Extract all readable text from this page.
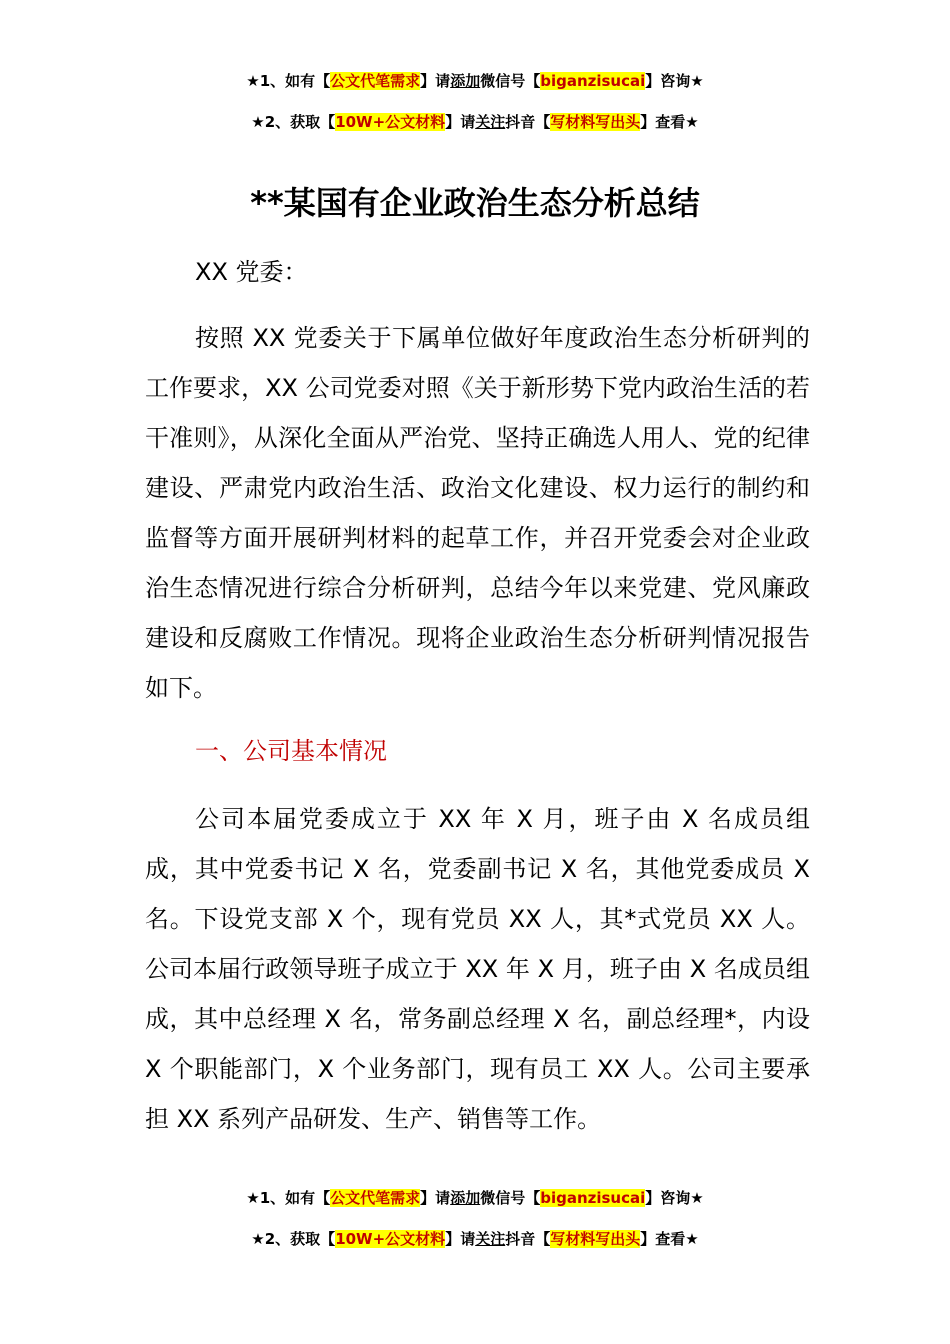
★1、如有【公文代笔需求】请添加微信号【biganzisucai】咨询★
★2、获取【10W+公文材料】请关注抖音【写材料写出头】查看★
**某国有企业政治生态分析总结

XX 党委：

按照 XX 党委关于下属单位做好年度政治生态分析研判的工作要求，XX 公司党委对照《关于新形势下党内政治生活的若干准则》，从深化全面从严治党、坚持正确选人用人、党的纪律建设、严肃党内政治生活、政治文化建设、权力运行的制约和监督等方面开展研判材料的起草工作，并召开党委会对企业政治生态情况进行综合分析研判，总结今年以来党建、党风廉政建设和反腐败工作情况。现将企业政治生态分析研判情况报告如下。

一、公司基本情况

公司本届党委成立于 XX 年 X 月，班子由 X 名成员组成，其中党委书记 X 名，党委副书记 X 名，其他党委成员 X 名。下设党支部 X 个，现有党员 XX 人，其*式党员 XX 人。公司本届行政领导班子成立于 XX 年 X 月，班子由 X 名成员组成，其中总经理 X 名，常务副总经理 X 名，副总经理*，内设 X 个职能部门，X 个业务部门，现有员工 XX 人。公司主要承担 XX 系列产品研发、生产、销售等工作。

★1、如有【公文代笔需求】请添加微信号【biganzisucai】咨询★
★2、获取【10W+公文材料】请关注抖音【写材料写出头】查看★
